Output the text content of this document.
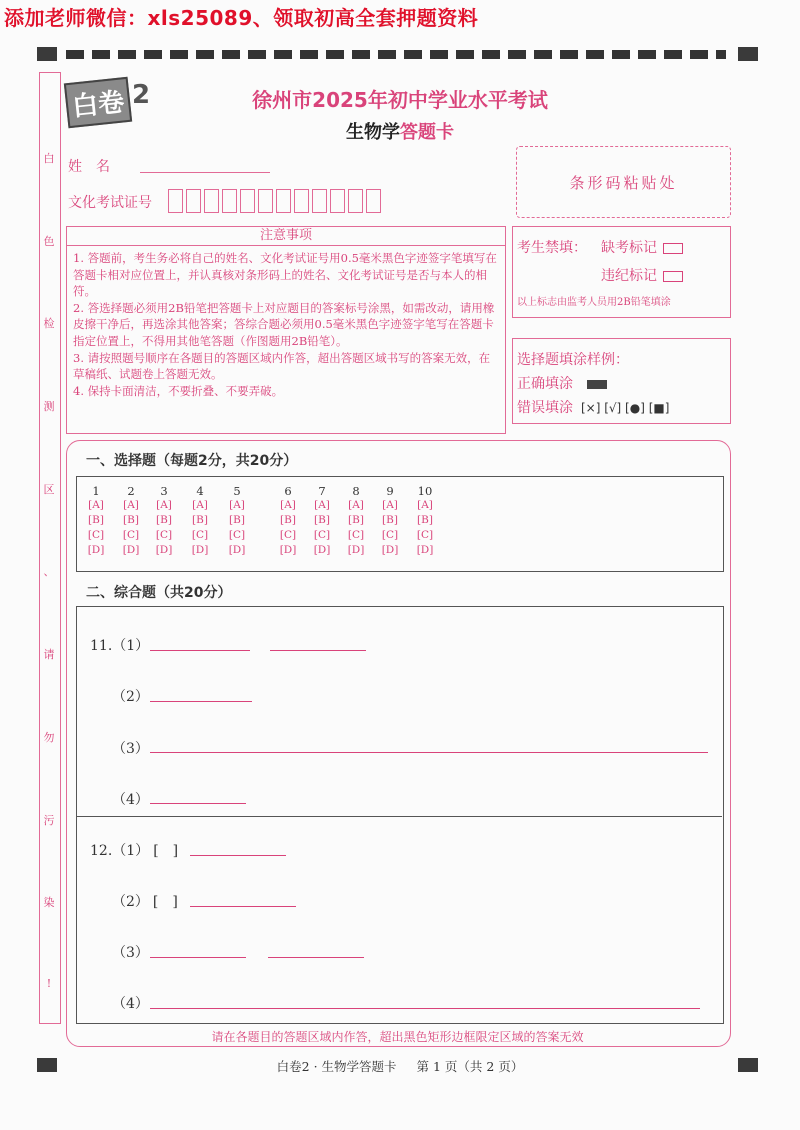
添加老师微信：xls25089、领取初高全套押题资料
白
色
检
测
区
、
请
勿
污
染
!
白卷 2	徐州市2025年初中学业水平考试
生物学答题卡
姓　名
文化考试证号
条形码粘贴处
注意事项

1. 答题前，考生务必将自己的姓名、文化考试证号用0.5毫米黑色字迹签字笔填写在答题卡相对应位置上，并认真核对条形码上的姓名、文化考试证号是否与本人的相符。

2. 答选择题必须用2B铅笔把答题卡上对应题目的答案标号涂黑，如需改动，请用橡皮擦干净后，再选涂其他答案；答综合题必须用0.5毫米黑色字迹签字笔写在答题卡指定位置上，不得用其他笔答题（作图题用2B铅笔）。

3. 请按照题号顺序在各题目的答题区域内作答，超出答题区域书写的答案无效，在草稿纸、试题卷上答题无效。

4. 保持卡面清洁，不要折叠、不要弄破。

考生禁填： 缺考标记
违纪标记
以上标志由监考人员用2B铅笔填涂
选择题填涂样例：
正确填涂
错误填涂 [×] [√] [●] [■]
一、选择题（每题2分，共20分）
1
[A]
[B]
[C]
[D]
2
[A]
[B]
[C]
[D]
3
[A]
[B]
[C]
[D]
4
[A]
[B]
[C]
[D]
5
[A]
[B]
[C]
[D]
6
[A]
[B]
[C]
[D]
7
[A]
[B]
[C]
[D]
8
[A]
[B]
[C]
[D]
9
[A]
[B]
[C]
[D]
10
[A]
[B]
[C]
[D]
二、综合题（共20分）
11.（1）
（2）
（3）
（4）
12.（1） [　]
（2） [　]
（3）
（4）
请在各题目的答题区域内作答，超出黑色矩形边框限定区域的答案无效
白卷2 · 生物学答题卡 第 1 页（共 2 页）
